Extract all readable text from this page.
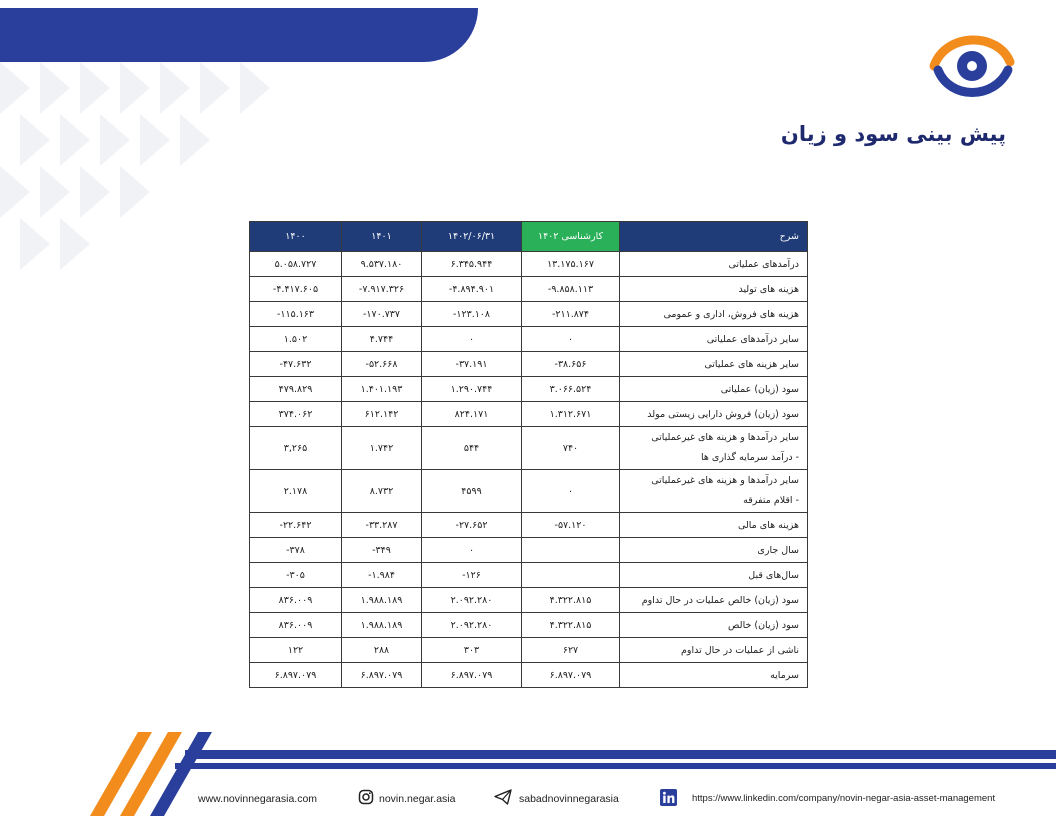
پیش بینی سود و زیان
شرح	کارشناسی ۱۴۰۲	۱۴۰۲/۰۶/۳۱	۱۴۰۱	۱۴۰۰
درآمدهای عملیاتی	۱۳.۱۷۵.۱۶۷	۶.۳۴۵.۹۴۴	۹.۵۳۷.۱۸۰	۵.۰۵۸.۷۲۷
هزینه های تولید	-۹.۸۵۸.۱۱۳	-۴.۸۹۴.۹۰۱	-۷.۹۱۷.۳۲۶	-۴.۴۱۷.۶۰۵
هزینه های فروش، اداری و عمومی	-۲۱۱.۸۷۴	-۱۲۳.۱۰۸	-۱۷۰.۷۳۷	-۱۱۵.۱۶۳
سایر درآمدهای عملیاتی	۰	۰	۴.۷۴۴	۱.۵۰۲
سایر هزینه های عملیاتی	-۳۸.۶۵۶	-۳۷.۱۹۱	-۵۲.۶۶۸	-۴۷.۶۳۲
سود (زیان) عملیاتی	۳.۰۶۶.۵۲۴	۱.۲۹۰.۷۴۴	۱.۴۰۱.۱۹۳	۴۷۹.۸۲۹
سود (زیان) فروش دارایی زیستی مولد	۱.۳۱۲.۶۷۱	۸۲۴.۱۷۱	۶۱۲.۱۴۲	۳۷۴.۰۶۲

سایر درآمدها و هزینه های غیرعملیاتی
- درآمد سرمایه گذاری ها	۷۴۰	۵۴۴	۱.۷۴۲	۳,۲۶۵

سایر درآمدها و هزینه های غیرعملیاتی
- اقلام متفرقه	۰	۴۵۹۹	۸.۷۳۲	۲.۱۷۸
هزینه های مالی	-۵۷.۱۲۰	-۲۷.۶۵۲	-۳۳.۲۸۷	-۲۲.۶۴۲
سال جاری		۰	-۳۴۹	-۳۷۸
سال‌های قبل		-۱۲۶	-۱.۹۸۴	-۳۰۵
سود (زیان) خالص عملیات در حال تداوم	۴.۳۲۲.۸۱۵	۲.۰۹۲.۲۸۰	۱.۹۸۸.۱۸۹	۸۳۶.۰۰۹
سود (زیان) خالص	۴.۳۲۲.۸۱۵	۲.۰۹۲.۲۸۰	۱.۹۸۸.۱۸۹	۸۳۶.۰۰۹
ناشی از عملیات در حال تداوم	۶۲۷	۳۰۳	۲۸۸	۱۲۲
سرمایه	۶.۸۹۷.۰۷۹	۶.۸۹۷.۰۷۹	۶.۸۹۷.۰۷۹	۶.۸۹۷.۰۷۹
www.novinnegarasia.com	novin.negar.asia	sabadnovinnegarasia	https://www.linkedin.com/company/novin-negar-asia-asset-management
